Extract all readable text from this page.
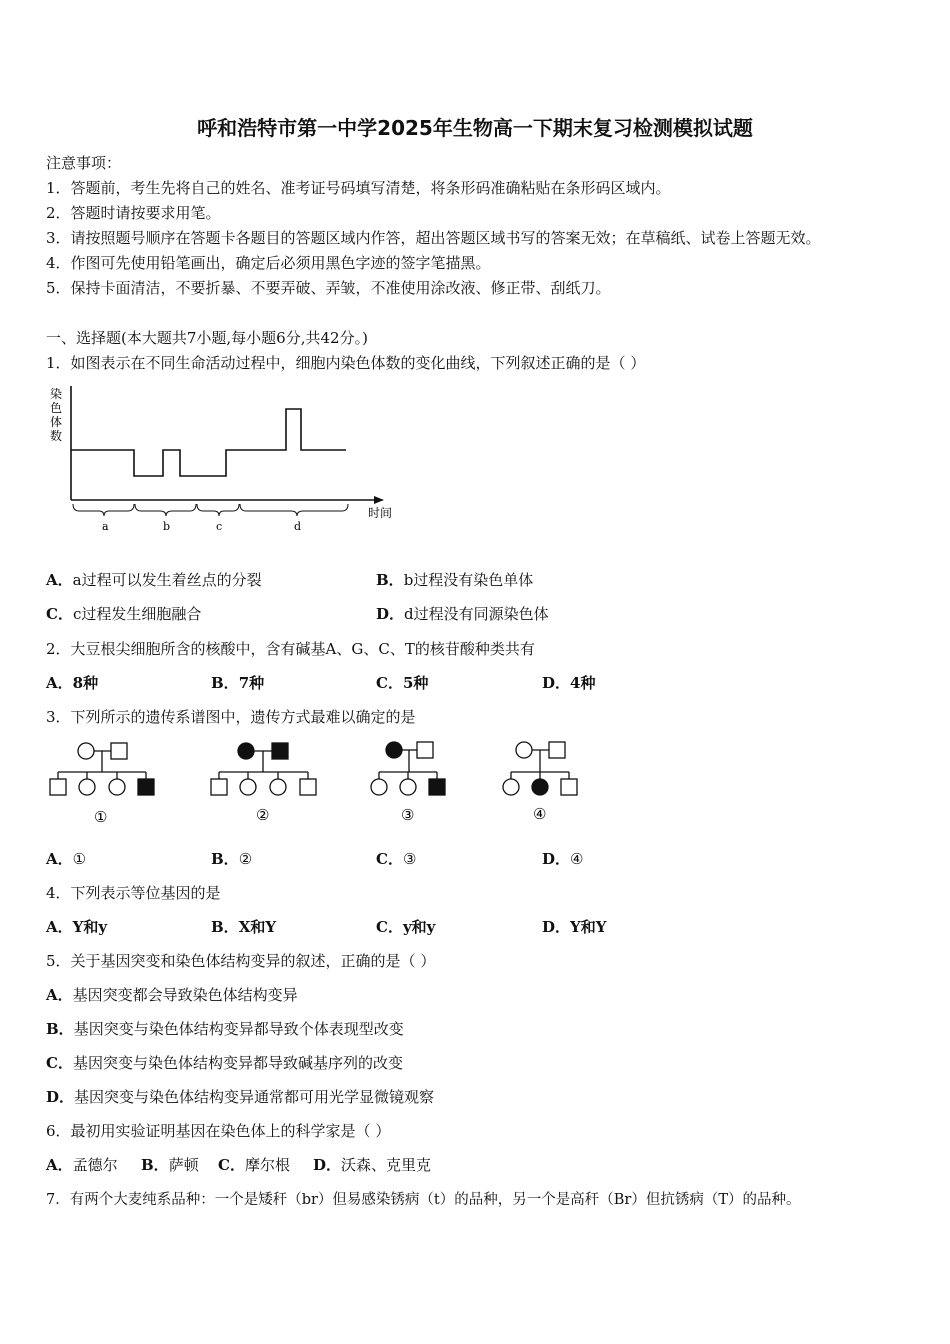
呼和浩特市第一中学2025年生物高一下期末复习检测模拟试题
注意事项：
1．答题前，考生先将自己的姓名、准考证号码填写清楚，将条形码准确粘贴在条形码区域内。
2．答题时请按要求用笔。
3．请按照题号顺序在答题卡各题目的答题区域内作答，超出答题区域书写的答案无效；在草稿纸、试卷上答题无效。
4．作图可先使用铅笔画出，确定后必须用黑色字迹的签字笔描黑。
5．保持卡面清洁，不要折暴、不要弄破、弄皱，不准使用涂改液、修正带、刮纸刀。
一、选择题(本大题共7小题,每小题6分,共42分。)
1．如图表示在不同生命活动过程中，细胞内染色体数的变化曲线，下列叙述正确的是（ ）
染
色
体
数
时间
a	b	c	d
A．a过程可以发生着丝点的分裂	B．b过程没有染色单体
C．c过程发生细胞融合	D．d过程没有同源染色体
2．大豆根尖细胞所含的核酸中，含有碱基A、G、C、T的核苷酸种类共有
A．8种	B．7种	C．5种	D．4种
3．下列所示的遗传系谱图中，遗传方式最难以确定的是
①	②	③	④
A．①	B．②	C．③	D．④
4．下列表示等位基因的是
A．Y和y	B．X和Y	C．y和y	D．Y和Y
5．关于基因突变和染色体结构变异的叙述，正确的是（ ）
A．基因突变都会导致染色体结构变异
B．基因突变与染色体结构变异都导致个体表现型改变
C．基因突变与染色体结构变异都导致碱基序列的改变
D．基因突变与染色体结构变异通常都可用光学显微镜观察
6．最初用实验证明基因在染色体上的科学家是（ ）
A．孟德尔 B．萨顿 C．摩尔根 D．沃森、克里克
7．有两个大麦纯系品种：一个是矮秆（br）但易感染锈病（t）的品种，另一个是高秆（Br）但抗锈病（T）的品种。
